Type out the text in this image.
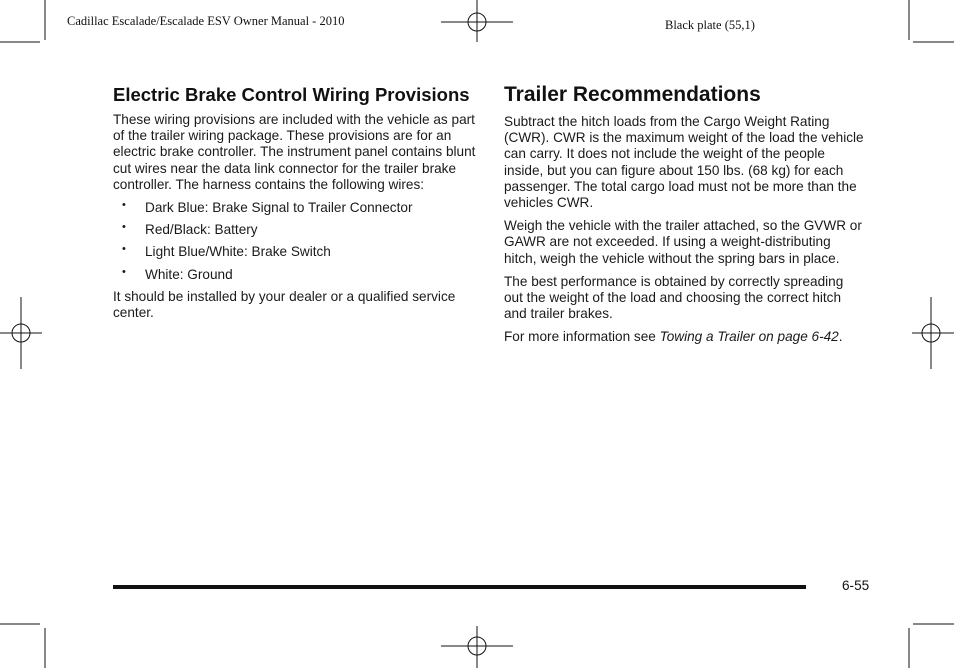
Cadillac Escalade/Escalade ESV Owner Manual - 2010	Black plate (55,1)
Electric Brake Control Wiring Provisions

These wiring provisions are included with the vehicle as part of the trailer wiring package. These provisions are for an electric brake controller. The instrument panel contains blunt cut wires near the data link connector for the trailer brake controller. The harness contains the following wires:

• Dark Blue: Brake Signal to Trailer Connector
• Red/Black: Battery
• Light Blue/White: Brake Switch
• White: Ground

It should be installed by your dealer or a qualified service center.

Trailer Recommendations

Subtract the hitch loads from the Cargo Weight Rating (CWR). CWR is the maximum weight of the load the vehicle can carry. It does not include the weight of the people inside, but you can figure about 150 lbs. (68 kg) for each passenger. The total cargo load must not be more than the vehicles CWR.

Weigh the vehicle with the trailer attached, so the GVWR or GAWR are not exceeded. If using a weight-distributing hitch, weigh the vehicle without the spring bars in place.

The best performance is obtained by correctly spreading out the weight of the load and choosing the correct hitch and trailer brakes.

For more information see Towing a Trailer on page 6-42.

6-55
